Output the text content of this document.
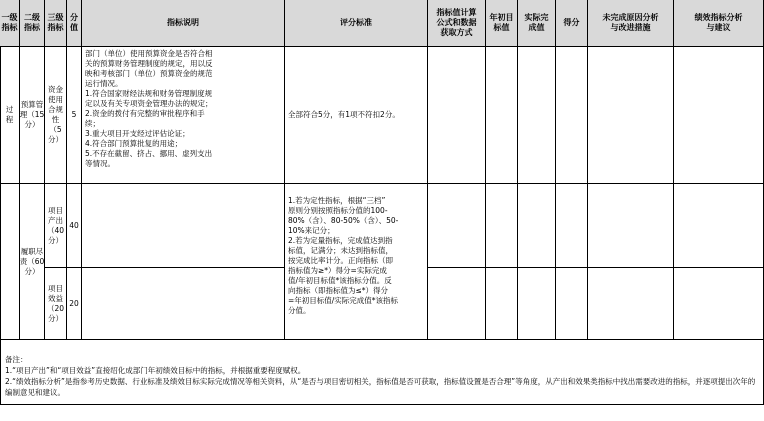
一级
指标
二级
指标
三级
指标
分
值
指标说明	评分标准
指标值计算
公式和数据
获取方式
年初目
标值
实际完
成值
得分
未完成原因分析
与改进措施
绩效指标分析
与建议
过
程
预算管
理（15
分）
资金
使用
合规
性
（5
分）
5
部门（单位）使用预算资金是否符合相
关的预算财务管理制度的规定，用以反
映和考核部门（单位）预算资金的规范
运行情况。
1.符合国家财经法规和财务管理制度规
定以及有关专项资金管理办法的规定；
2.资金的拨付有完整的审批程序和手
续；
3.重大项目开支经过评估论证；
4.符合部门预算批复的用途；
5.不存在截留、挤占、挪用、虚列支出
等情况。
全部符合5分，有1项不符扣2分。
履职尽
责（60
分）
项目
产出
（40
分）
40
项目
效益
（20
分）
20
1.若为定性指标，根据“三档”
原则分别按照指标分值的100-
80%（含）、80-50%（含）、50-
10%来记分；
2.若为定量指标，完成值达到指
标值，记满分；未达到指标值，
按完成比率计分。正向指标（即
指标值为≥*）得分=实际完成
值/年初目标值*该指标分值。反
向指标（即指标值为≤*）得分
=年初目标值/实际完成值*该指标
分值。
备注：
1.“项目产出”和“项目效益”直接绍化成部门年初绩效目标中的指标，并根据重要程度赋权。
2.“绩效指标分析”是指参考历史数据、行业标准及绩效目标实际完成情况等相关资料，从“是否与项目密切相关，指标值是否可获取，指标值设置是否合理”等角度，从产出和效果类指标中找出需要改进的指标，并逐项提出次年的编制意见和建议。
